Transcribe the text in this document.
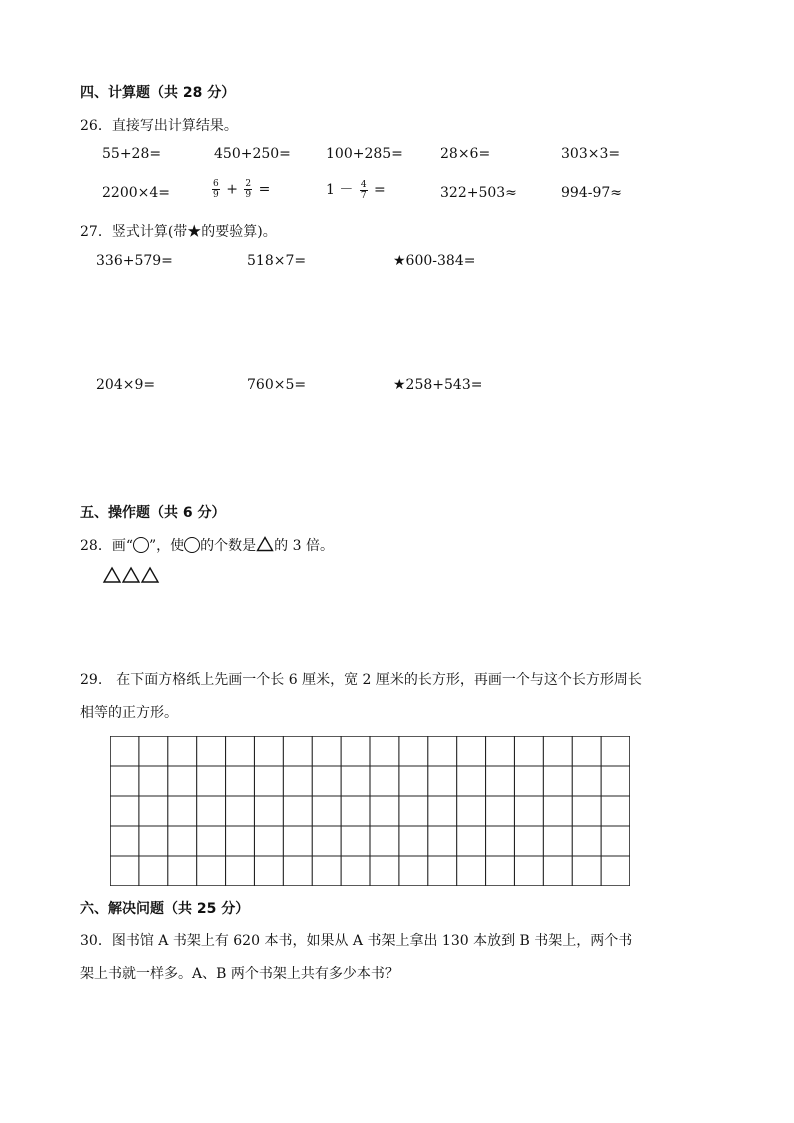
四、计算题（共 28 分）
26．直接写出计算结果。
55+28=	450+250=	100+285=	28×6=	303×3=
2200×4=	$\frac{6}{9} + \frac{2}{9}$ =	$1 - \frac{4}{7}$ =	322+503≈	994-97≈
27．竖式计算(带★的要验算)。
336+579=	518×7=	★600-384=
204×9=	760×5=	★258+543=
五、操作题（共 6 分）
28．画“ ”，使 的个数是 的 3 倍。
29.　在下面方格纸上先画一个长 6 厘米，宽 2 厘米的长方形，再画一个与这个长方形周长
相等的正方形。
六、解决问题（共 25 分）
30．图书馆 A 书架上有 620 本书，如果从 A 书架上拿出 130 本放到 B 书架上，两个书
架上书就一样多。A、B 两个书架上共有多少本书？
